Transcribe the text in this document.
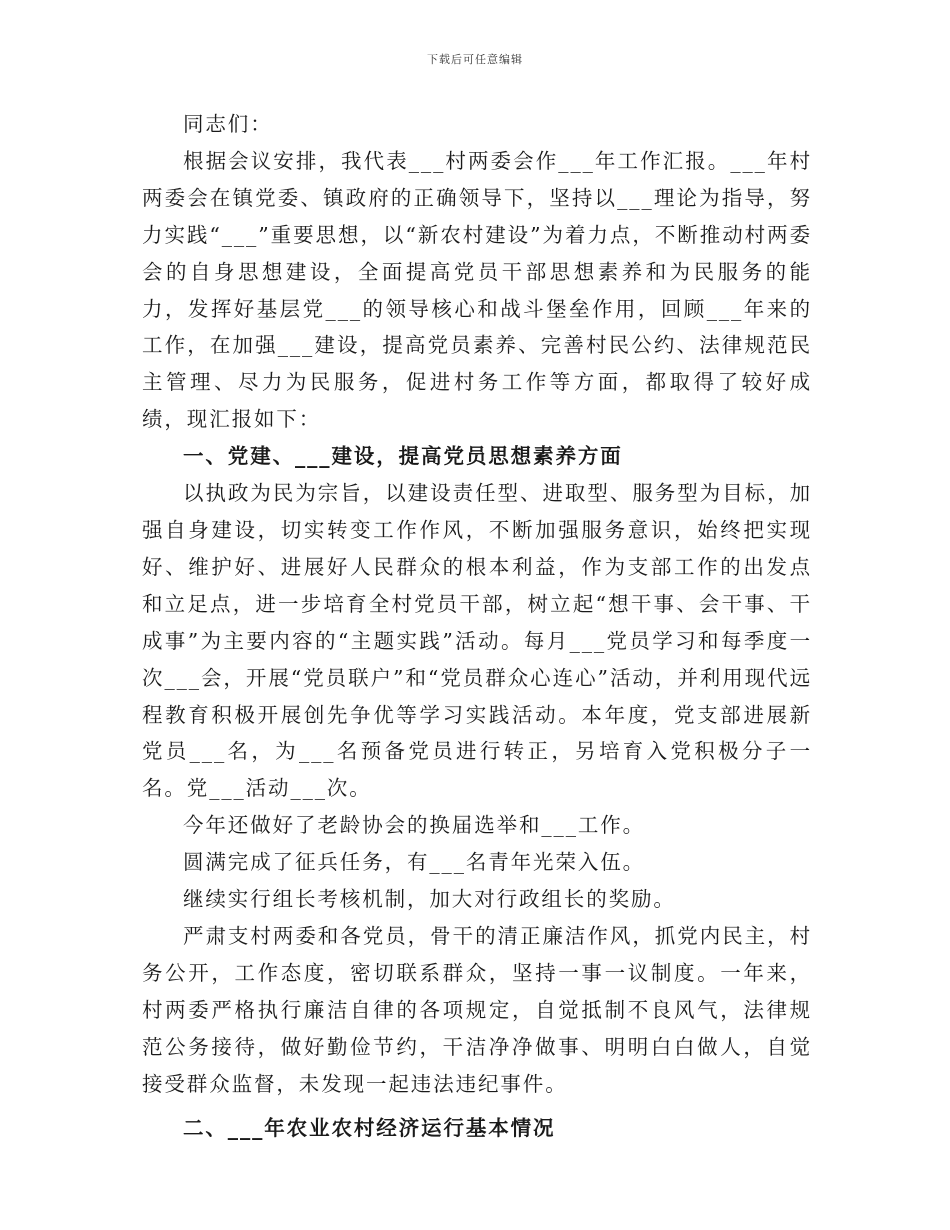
下载后可任意编辑

同志们：

根据会议安排，我代表___村两委会作___年工作汇报。___年村两委会在镇党委、镇政府的正确领导下，坚持以___理论为指导，努力实践“___”重要思想，以“新农村建设”为着力点，不断推动村两委会的自身思想建设，全面提高党员干部思想素养和为民服务的能力，发挥好基层党___的领导核心和战斗堡垒作用，回顾___年来的工作，在加强___建设，提高党员素养、完善村民公约、法律规范民主管理、尽力为民服务，促进村务工作等方面，都取得了较好成绩，现汇报如下：

一、党建、___建设，提高党员思想素养方面

以执政为民为宗旨，以建设责任型、进取型、服务型为目标，加强自身建设，切实转变工作作风，不断加强服务意识，始终把实现好、维护好、进展好人民群众的根本利益，作为支部工作的出发点和立足点，进一步培育全村党员干部，树立起“想干事、会干事、干成事”为主要内容的“主题实践”活动。每月___党员学习和每季度一次___会，开展“党员联户”和“党员群众心连心”活动，并利用现代远程教育积极开展创先争优等学习实践活动。本年度，党支部进展新党员___名，为___名预备党员进行转正，另培育入党积极分子一名。党___活动___次。

今年还做好了老龄协会的换届选举和___工作。

圆满完成了征兵任务，有___名青年光荣入伍。

继续实行组长考核机制，加大对行政组长的奖励。

严肃支村两委和各党员，骨干的清正廉洁作风，抓党内民主，村务公开，工作态度，密切联系群众，坚持一事一议制度。一年来，村两委严格执行廉洁自律的各项规定，自觉抵制不良风气，法律规范公务接待，做好勤俭节约，干洁净净做事、明明白白做人，自觉接受群众监督，未发现一起违法违纪事件。

二、___年农业农村经济运行基本情况
